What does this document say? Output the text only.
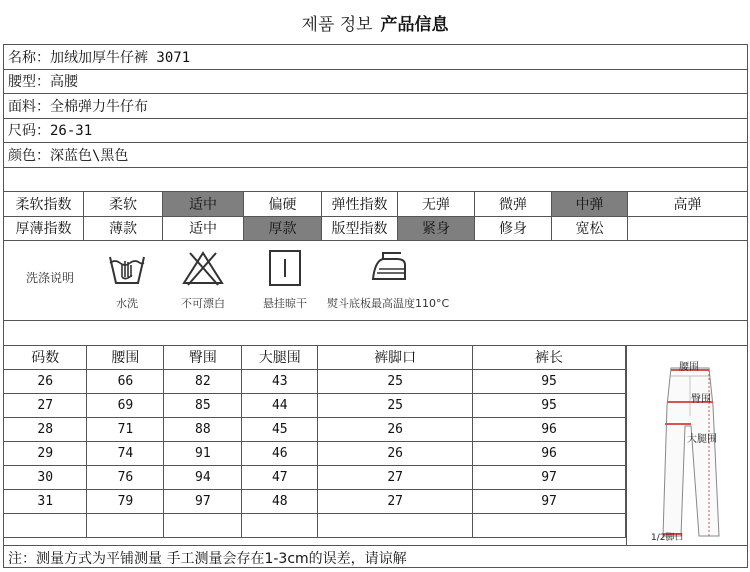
제품 정보 产品信息
名称：加绒加厚牛仔裤 3071
腰型：高腰
面料：全棉弹力牛仔布
尺码：26-31
颜色：深蓝色\黑色
柔软指数	柔软	适中	偏硬	弹性指数	无弹	微弹	中弹	高弹
厚薄指数	薄款	适中	厚款	版型指数	紧身	修身	宽松
洗涤说明
水洗	不可漂白	悬挂晾干 熨斗底板最高温度110°C
码数	腰围	臀围	大腿围	裤脚口	裤长
26	66	82	43	25	95
27	69	85	44	25	95
28	71	88	45	26	96
29	74	91	46	26	96
30	76	94	47	27	97
31	79	97	48	27	97

腰围
臀围
大腿围
1/2脚口
注：测量方式为平铺测量 手工测量会存在1-3cm的误差，请谅解
